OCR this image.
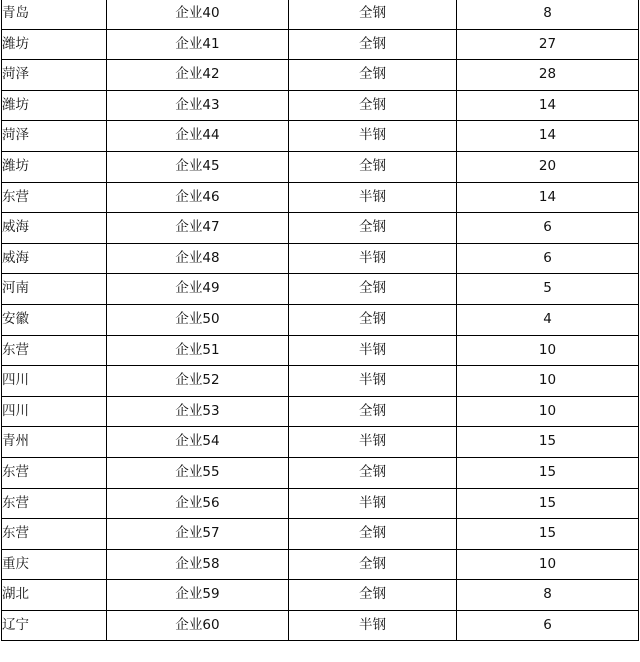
青岛	企业40	全钢	8
潍坊	企业41	全钢	27
菏泽	企业42	全钢	28
潍坊	企业43	全钢	14
菏泽	企业44	半钢	14
潍坊	企业45	全钢	20
东营	企业46	半钢	14
威海	企业47	全钢	6
威海	企业48	半钢	6
河南	企业49	全钢	5
安徽	企业50	全钢	4
东营	企业51	半钢	10
四川	企业52	半钢	10
四川	企业53	全钢	10
青州	企业54	半钢	15
东营	企业55	全钢	15
东营	企业56	半钢	15
东营	企业57	全钢	15
重庆	企业58	全钢	10
湖北	企业59	全钢	8
辽宁	企业60	半钢	6
